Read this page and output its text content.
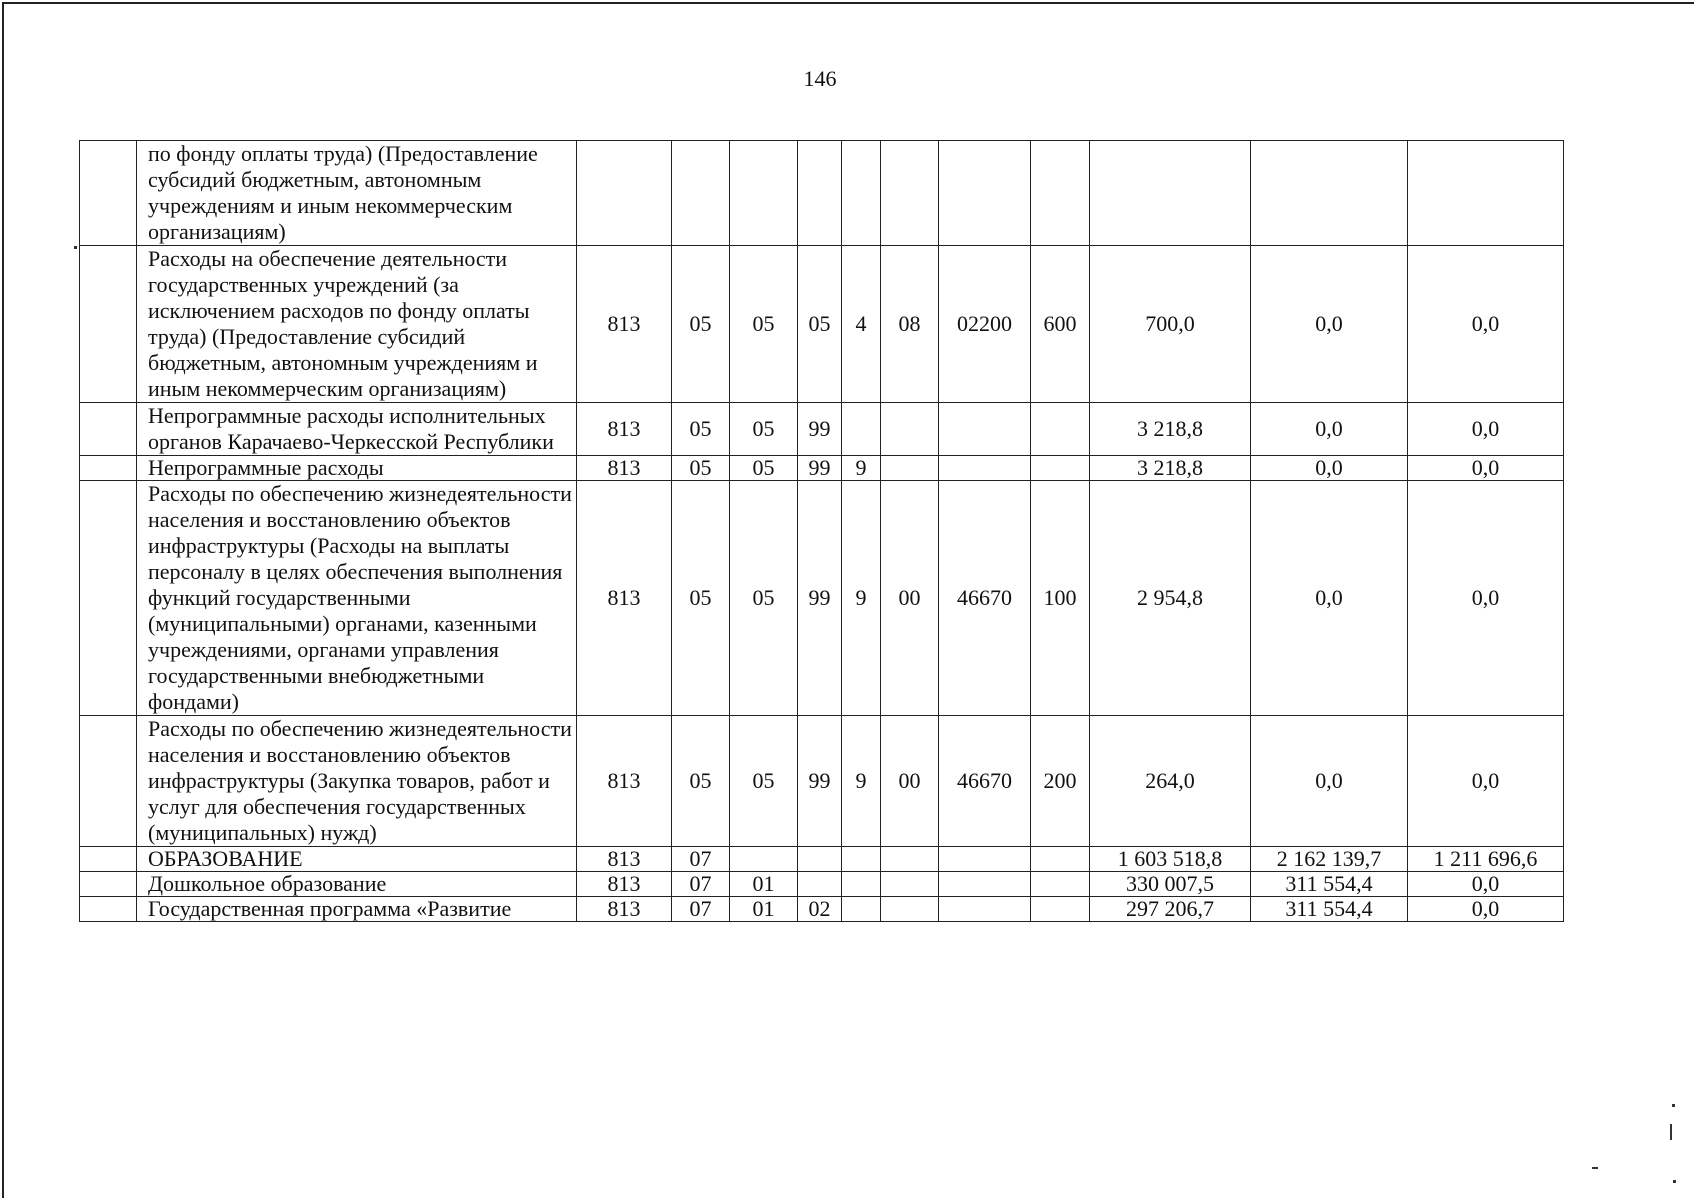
146
	по фонду оплаты труда) (Предоставление субсидий бюджетным, автономным учреждениям и иным некоммерческим организациям)											
	Расходы на обеспечение деятельности государственных учреждений (за исключением расходов по фонду оплаты труда) (Предоставление субсидий бюджетным, автономным учреждениям и иным некоммерческим организациям)	813	05	05	05	4	08	02200	600	700,0	0,0	0,0
	Непрограммные расходы исполнительных органов Карачаево-Черкесской Республики	813	05	05	99					3 218,8	0,0	0,0
	Непрограммные расходы	813	05	05	99	9				3 218,8	0,0	0,0
	Расходы по обеспечению жизнедеятельности населения и восстановлению объектов инфраструктуры (Расходы на выплаты персоналу в целях обеспечения выполнения функций государственными (муниципальными) органами, казенными учреждениями, органами управления государственными внебюджетными фондами)	813	05	05	99	9	00	46670	100	2 954,8	0,0	0,0
	Расходы по обеспечению жизнедеятельности населения и восстановлению объектов инфраструктуры (Закупка товаров, работ и услуг для обеспечения государственных (муниципальных) нужд)	813	05	05	99	9	00	46670	200	264,0	0,0	0,0
	ОБРАЗОВАНИЕ	813	07							1 603 518,8	2 162 139,7	1 211 696,6
	Дошкольное образование	813	07	01						330 007,5	311 554,4	0,0
	Государственная программа «Развитие	813	07	01	02					297 206,7	311 554,4	0,0
